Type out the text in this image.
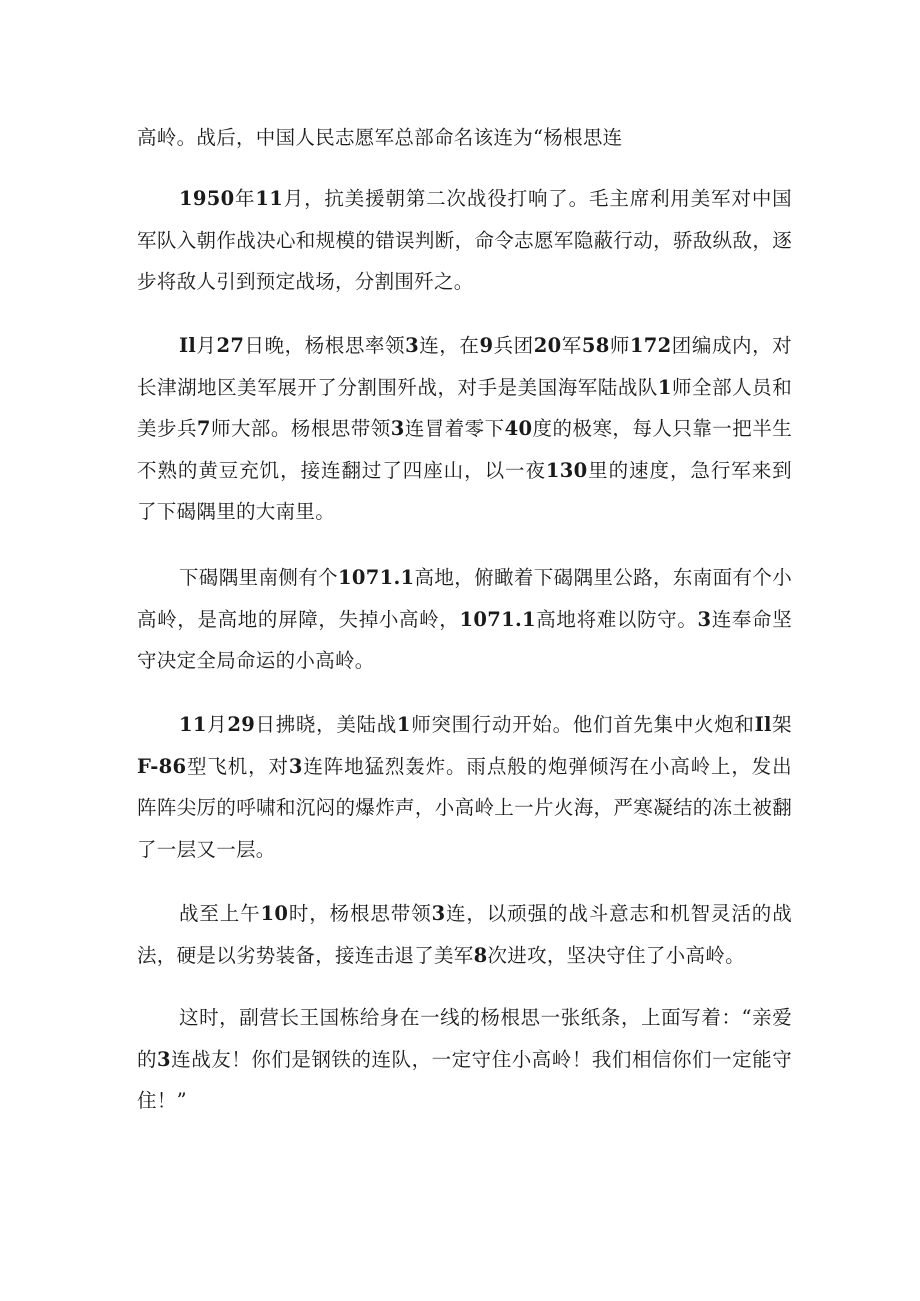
高岭。战后，中国人民志愿军总部命名该连为“杨根思连

1950年11月，抗美援朝第二次战役打响了。毛主席利用美军对中国军队入朝作战决心和规模的错误判断，命令志愿军隐蔽行动，骄敌纵敌，逐步将敌人引到预定战场，分割围歼之。

Il月27日晚，杨根思率领3连，在9兵团20军58师172团编成内，对长津湖地区美军展开了分割围歼战，对手是美国海军陆战队1师全部人员和美步兵7师大部。杨根思带领3连冒着零下40度的极寒，每人只靠一把半生不熟的黄豆充饥，接连翻过了四座山，以一夜130里的速度，急行军来到了下碣隅里的大南里。

下碣隅里南侧有个1071.1高地，俯瞰着下碣隅里公路，东南面有个小高岭，是高地的屏障，失掉小高岭，1071.1高地将难以防守。3连奉命坚守决定全局命运的小高岭。

11月29日拂晓，美陆战1师突围行动开始。他们首先集中火炮和Il架F-86型飞机，对3连阵地猛烈轰炸。雨点般的炮弹倾泻在小高岭上，发出阵阵尖厉的呼啸和沉闷的爆炸声，小高岭上一片火海，严寒凝结的冻土被翻了一层又一层。

战至上午10时，杨根思带领3连，以顽强的战斗意志和机智灵活的战法，硬是以劣势装备，接连击退了美军8次进攻，坚决守住了小高岭。

这时，副营长王国栋给身在一线的杨根思一张纸条，上面写着：“亲爱的3连战友！你们是钢铁的连队，一定守住小高岭！我们相信你们一定能守住！”
